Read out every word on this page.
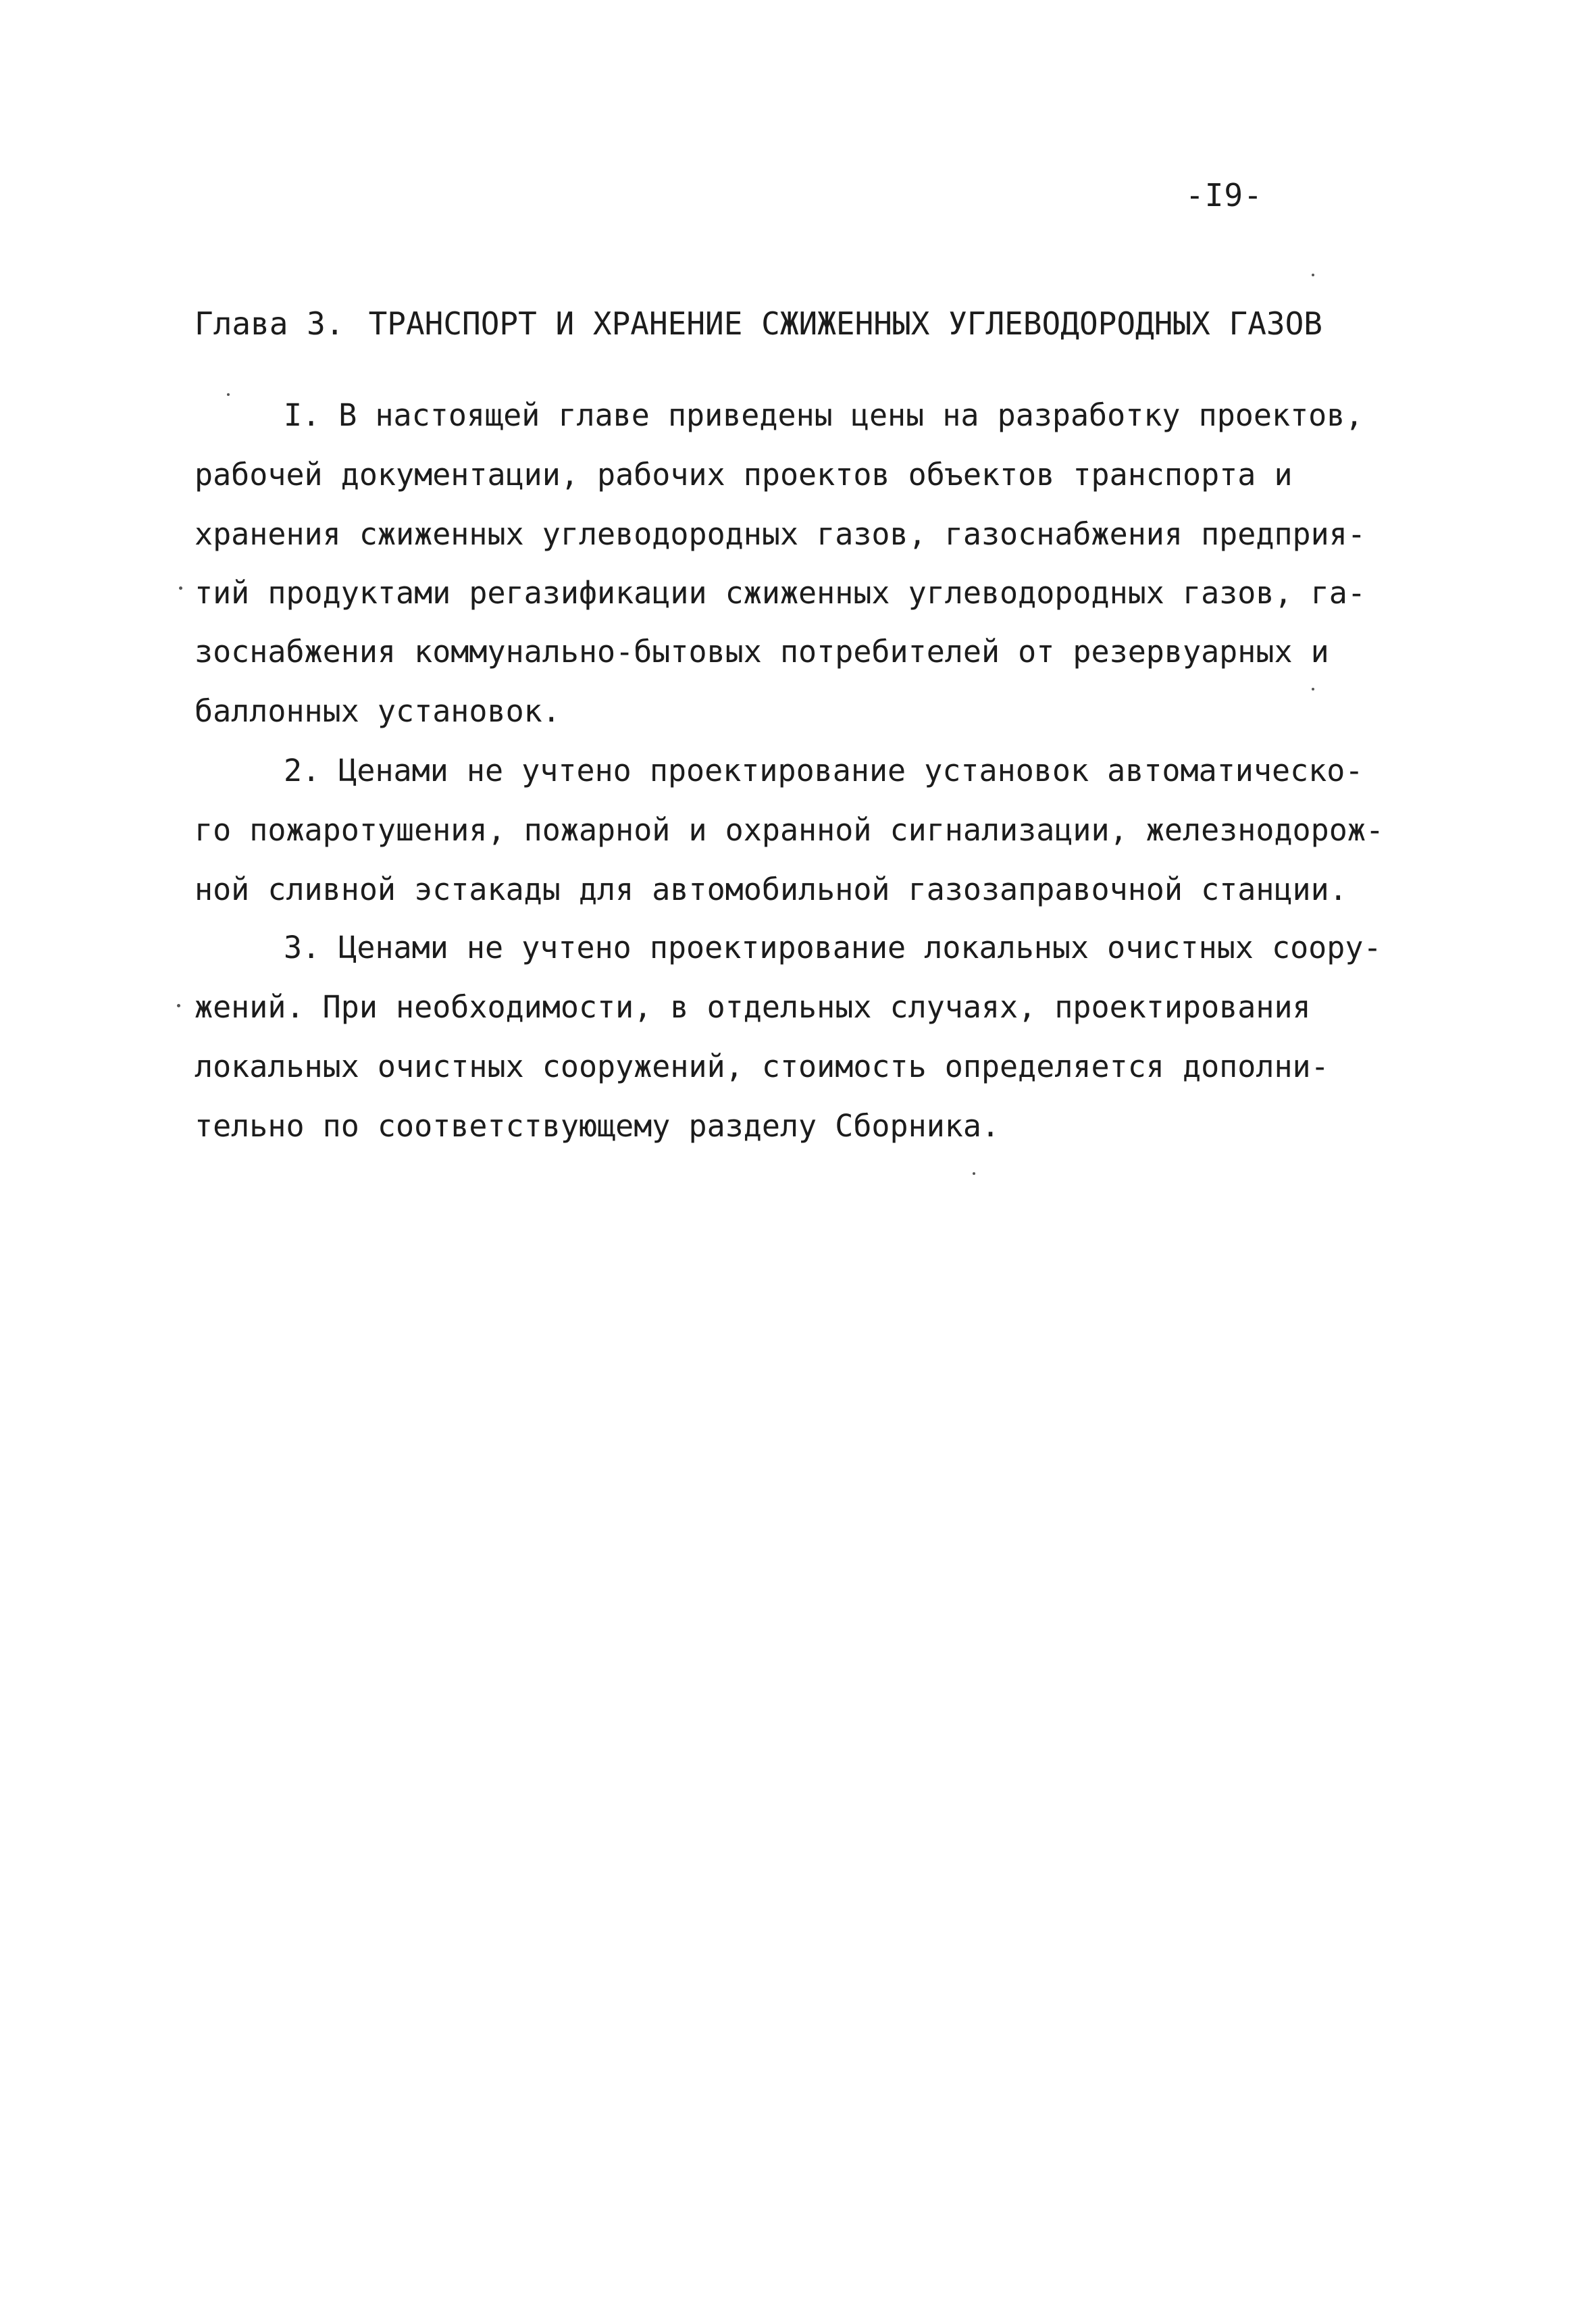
-I9-
Глава 3. ТРАНСПОРТ И ХРАНЕНИЕ СЖИЖЕННЫХ УГЛЕВОДОРОДНЫХ ГАЗОВ
I. В настоящей главе приведены цены на разработку проектов,
рабочей документации, рабочих проектов объектов транспорта и
хранения сжиженных углеводородных газов, газоснабжения предприя-
тий продуктами регазификации сжиженных углеводородных газов, га-
зоснабжения коммунально-бытовых потребителей от резервуарных и
баллонных установок.
2. Ценами не учтено проектирование установок автоматическо-
го пожаротушения, пожарной и охранной сигнализации, железнодорож-
ной сливной эстакады для автомобильной газозаправочной станции.
3. Ценами не учтено проектирование локальных очистных соору-
жений. При необходимости, в отдельных случаях, проектирования
локальных очистных сооружений, стоимость определяется дополни-
тельно по соответствующему разделу Сборника.
